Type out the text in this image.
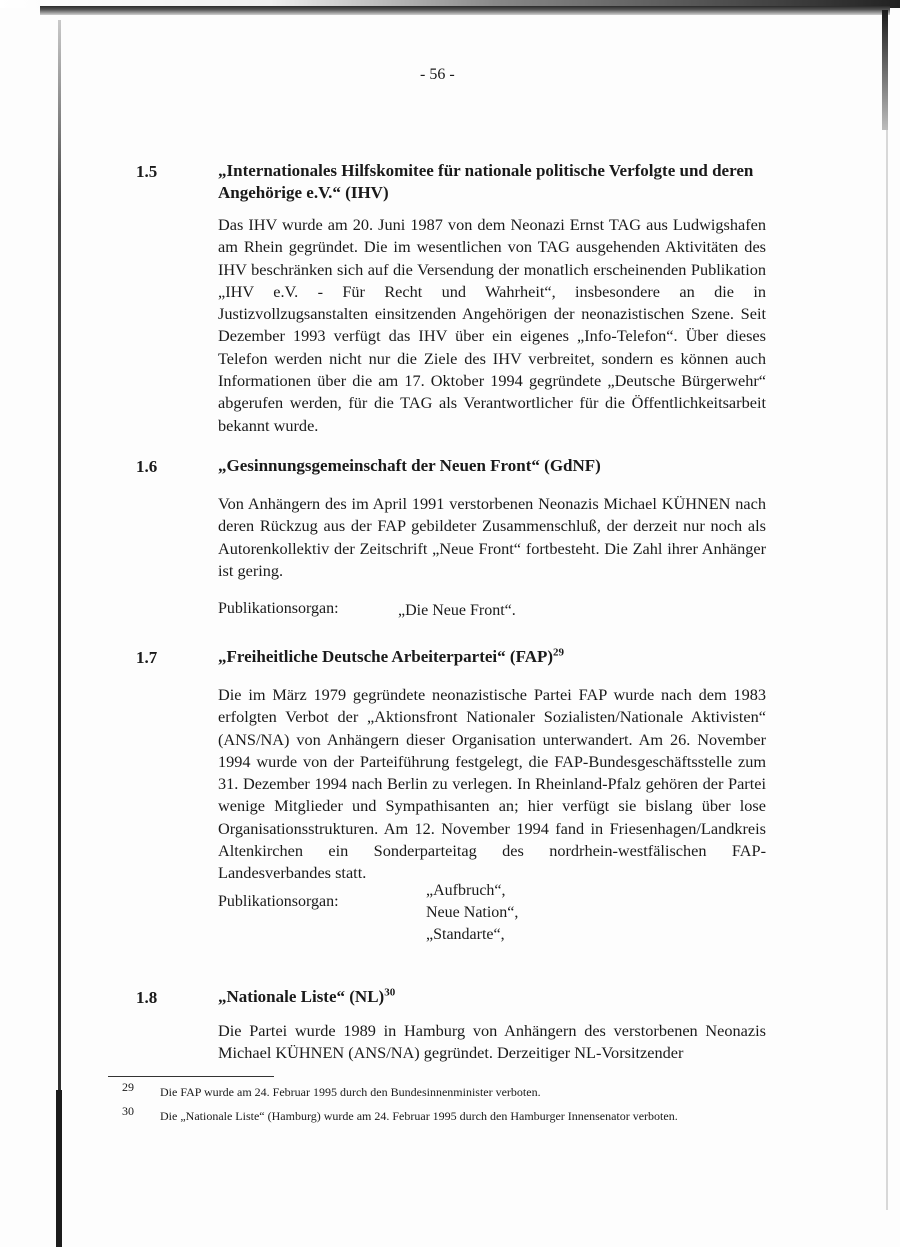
- 56 -
1.5	„Internationales Hilfskomitee für nationale politische Verfolgte und deren Angehörige e.V.“ (IHV)
Das IHV wurde am 20. Juni 1987 von dem Neonazi Ernst TAG aus Ludwigshafen am Rhein gegründet. Die im wesentlichen von TAG ausgehenden Aktivitäten des IHV beschränken sich auf die Versendung der monatlich erscheinenden Publikation „IHV e.V. - Für Recht und Wahrheit“, insbesondere an die in Justizvollzugsanstalten einsitzenden Angehörigen der neonazistischen Szene. Seit Dezember 1993 verfügt das IHV über ein eigenes „Info-Telefon“. Über dieses Telefon werden nicht nur die Ziele des IHV verbreitet, sondern es können auch Informationen über die am 17. Oktober 1994 gegründete „Deutsche Bürgerwehr“ abgerufen werden, für die TAG als Verantwortlicher für die Öffentlichkeitsarbeit bekannt wurde.
1.6	„Gesinnungsgemeinschaft der Neuen Front“ (GdNF)
Von Anhängern des im April 1991 verstorbenen Neonazis Michael KÜHNEN nach deren Rückzug aus der FAP gebildeter Zusammenschluß, der derzeit nur noch als Autorenkollektiv der Zeitschrift „Neue Front“ fortbesteht. Die Zahl ihrer Anhänger ist gering.
Publikationsorgan:	„Die Neue Front“.
1.7	„Freiheitliche Deutsche Arbeiterpartei“ (FAP)$^{29}$
Die im März 1979 gegründete neonazistische Partei FAP wurde nach dem 1983 erfolgten Verbot der „Aktionsfront Nationaler Sozialisten/Nationale Aktivisten“ (ANS/NA) von Anhängern dieser Organisation unterwandert. Am 26. November 1994 wurde von der Parteiführung festgelegt, die FAP-Bundesgeschäftsstelle zum 31. Dezember 1994 nach Berlin zu verlegen. In Rheinland-Pfalz gehören der Partei wenige Mitglieder und Sympathisanten an; hier verfügt sie bislang über lose Organisationsstrukturen. Am 12. November 1994 fand in Friesenhagen/Landkreis Altenkirchen ein Sonderparteitag des nordrhein-westfälischen FAP-Landesverbandes statt.
Publikationsorgan:
„Aufbruch“,
Neue Nation“,
„Standarte“,
1.8	„Nationale Liste“ (NL)$^{30}$
Die Partei wurde 1989 in Hamburg von Anhängern des verstorbenen Neonazis Michael KÜHNEN (ANS/NA) gegründet. Derzeitiger NL-Vorsitzender
29 Die FAP wurde am 24. Februar 1995 durch den Bundesinnenminister verboten.
30 Die „Nationale Liste“ (Hamburg) wurde am 24. Februar 1995 durch den Hamburger Innensenator verboten.
